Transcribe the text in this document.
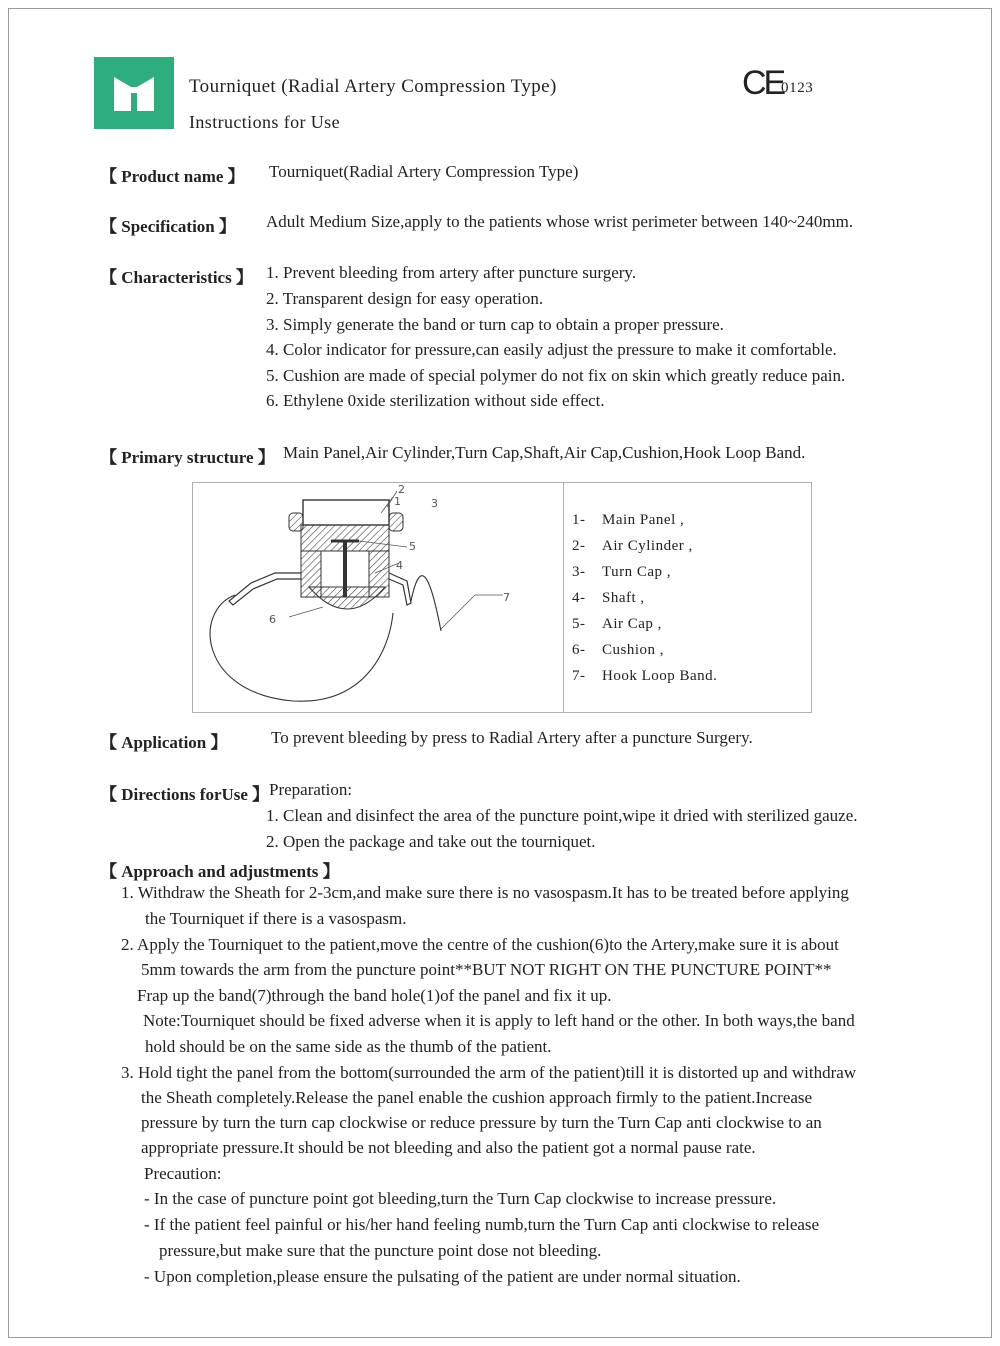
Tourniquet (Radial Artery Compression Type)
Instructions for Use
CE
0123
【 Product name 】 Tourniquet(Radial Artery Compression Type)
【 Specification 】 Adult Medium Size,apply to the patients whose wrist perimeter between 140~240mm.
【 Characteristics 】 1. Prevent bleeding from artery after puncture surgery.
2. Transparent design for easy operation.
3. Simply generate the band or turn cap to obtain a proper pressure.
4. Color indicator for pressure,can easily adjust the pressure to make it comfortable.
5. Cushion are made of special polymer do not fix on skin which greatly reduce pain.
6. Ethylene 0xide sterilization without side effect.
【 Primary structure 】 Main Panel,Air Cylinder,Turn Cap,Shaft,Air Cap,Cushion,Hook Loop Band.
2
1	3
4
5
6
7
1- Main Panel ,
2- Air Cylinder ,
3- Turn Cap ,
4- Shaft ,
5- Air Cap ,
6- Cushion ,
7- Hook Loop Band.
【 Application 】	To prevent bleeding by press to Radial Artery after a puncture Surgery.
【 Directions forUse 】 Preparation:
1. Clean and disinfect the area of the puncture point,wipe it dried with sterilized gauze.
2. Open the package and take out the tourniquet.
【 Approach and adjustments 】
1. Withdraw the Sheath for 2-3cm,and make sure there is no vasospasm.It has to be treated before applying
the Tourniquet if there is a vasospasm.
2. Apply the Tourniquet to the patient,move the centre of the cushion(6)to the Artery,make sure it is about
5mm towards the arm from the puncture point**BUT NOT RIGHT ON THE PUNCTURE POINT**
Frap up the band(7)through the band hole(1)of the panel and fix it up.
Note:Tourniquet should be fixed adverse when it is apply to left hand or the other. In both ways,the band
hold should be on the same side as the thumb of the patient.
3. Hold tight the panel from the bottom(surrounded the arm of the patient)till it is distorted up and withdraw
the Sheath completely.Release the panel enable the cushion approach firmly to the patient.Increase
pressure by turn the turn cap clockwise or reduce pressure by turn the Turn Cap anti clockwise to an
appropriate pressure.It should be not bleeding and also the patient got a normal pause rate.
Precaution:
- In the case of puncture point got bleeding,turn the Turn Cap clockwise to increase pressure.
- If the patient feel painful or his/her hand feeling numb,turn the Turn Cap anti clockwise to release
pressure,but make sure that the puncture point dose not bleeding.
- Upon completion,please ensure the pulsating of the patient are under normal situation.
